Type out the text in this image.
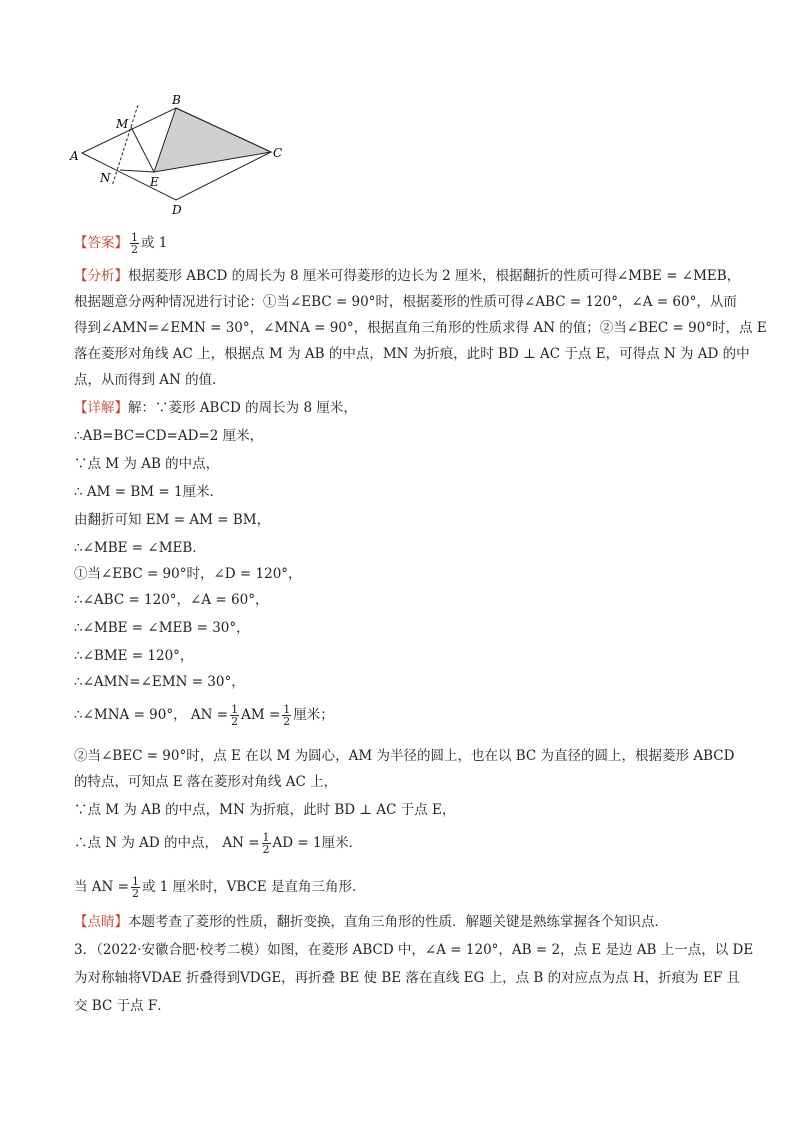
A
B
C
D
M
N	E
【答案】 $\frac{1}{2}$ 或 1
【分析】根据菱形 ABCD 的周长为 8 厘米可得菱形的边长为 2 厘米，根据翻折的性质可得∠MBE = ∠MEB，
根据题意分两种情况进行讨论：①当∠EBC = 90°时，根据菱形的性质可得∠ABC = 120°，∠A = 60°，从而
得到∠AMN=∠EMN = 30°，∠MNA = 90°，根据直角三角形的性质求得 AN 的值；②当∠BEC = 90°时，点 E
落在菱形对角线 AC 上，根据点 M 为 AB 的中点，MN 为折痕，此时 BD ⊥ AC 于点 E，可得点 N 为 AD 的中
点，从而得到 AN 的值．
【详解】解：∵菱形 ABCD 的周长为 8 厘米，
∴AB=BC=CD=AD=2 厘米，
∵点 M 为 AB 的中点，
∴ AM = BM = 1厘米．
由翻折可知 EM = AM = BM，
∴∠MBE = ∠MEB．
①当∠EBC = 90°时，∠D = 120°，
∴∠ABC = 120°，∠A = 60°，
∴∠MBE = ∠MEB = 30°，
∴∠BME = 120°，
∴∠AMN=∠EMN = 30°，
∴∠MNA = 90°， AN = $\frac{1}{2}$ AM = $\frac{1}{2}$ 厘米；
②当∠BEC = 90°时，点 E 在以 M 为圆心，AM 为半径的圆上，也在以 BC 为直径的圆上，根据菱形 ABCD
的特点，可知点 E 落在菱形对角线 AC 上，
∵点 M 为 AB 的中点，MN 为折痕，此时 BD ⊥ AC 于点 E，
∴点 N 为 AD 的中点， AN = $\frac{1}{2}$ AD = 1厘米．
当 AN = $\frac{1}{2}$ 或 1 厘米时，VBCE 是直角三角形．
【点睛】本题考查了菱形的性质，翻折变换，直角三角形的性质．解题关键是熟练掌握各个知识点．
3．（2022·安徽合肥·校考二模）如图，在菱形 ABCD 中，∠A = 120°，AB = 2，点 E 是边 AB 上一点，以 DE
为对称轴将VDAE 折叠得到VDGE，再折叠 BE 使 BE 落在直线 EG 上，点 B 的对应点为点 H，折痕为 EF 且
交 BC 于点 F．
